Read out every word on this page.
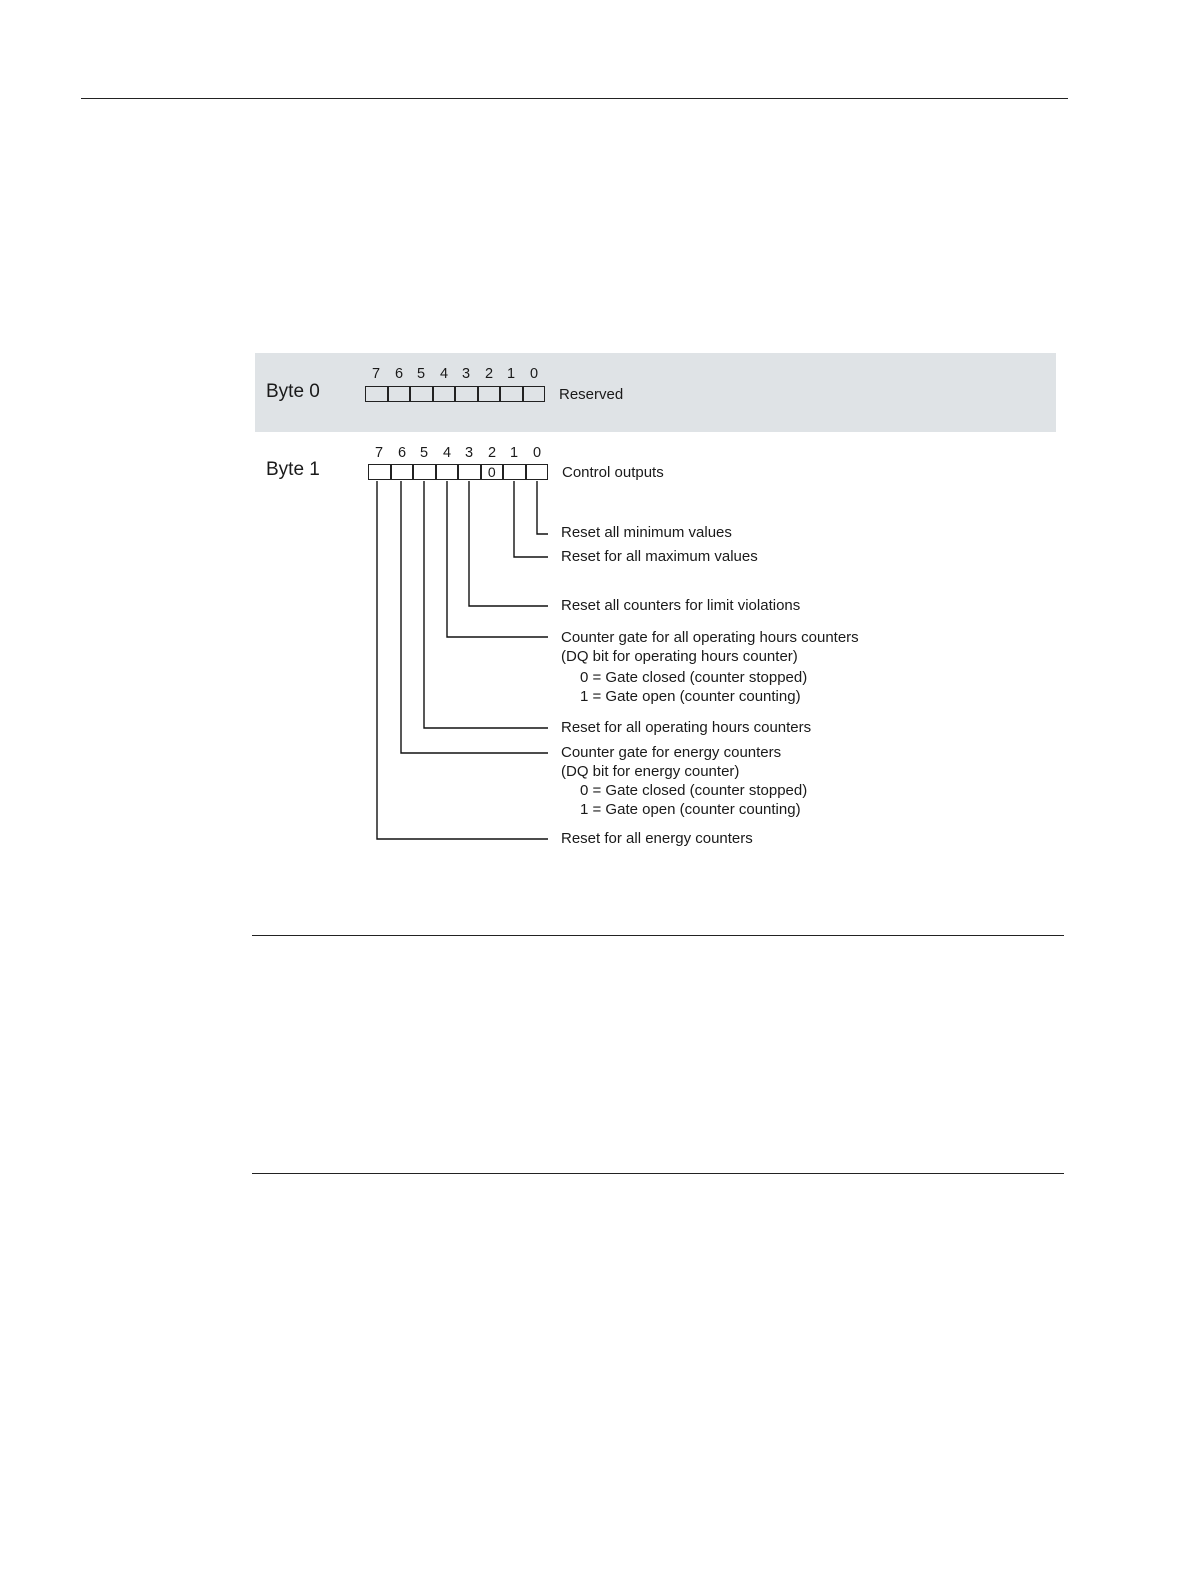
Byte 0
7	6 5	4 3	2 1	0
Reserved
Byte 1
7	6 5	4 3	2 1	0
0	Control outputs
Reset all minimum values
Reset for all maximum values
Reset all counters for limit violations
Counter gate for all operating hours counters
(DQ bit for operating hours counter)
0 = Gate closed (counter stopped)
1 = Gate open (counter counting)
Reset for all operating hours counters
Counter gate for energy counters
(DQ bit for energy counter)
0 = Gate closed (counter stopped)
1 = Gate open (counter counting)
Reset for all energy counters
